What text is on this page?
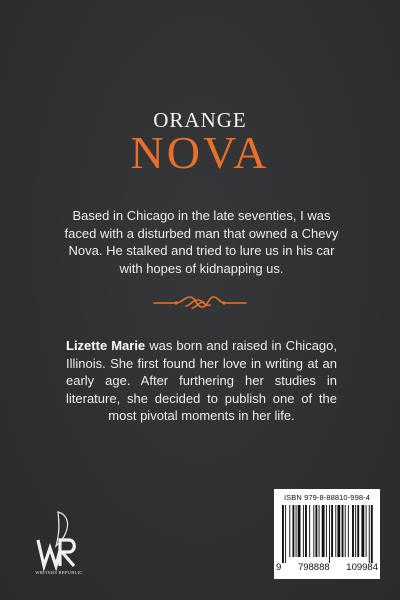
ORANGE
NOVA
Based in Chicago in the late seventies, I was faced with a disturbed man that owned a Chevy Nova. He stalked and tried to lure us in his car with hopes of kidnapping us.
Lizette Marie was born and raised in Chicago, Illinois. She first found her love in writing at an early age. After furthering her studies in literature, she decided to publish one of the most pivotal moments in her life.
WRITERS REPUBLIC
ISBN 979-8-88810-998-4
9 798888 109984
